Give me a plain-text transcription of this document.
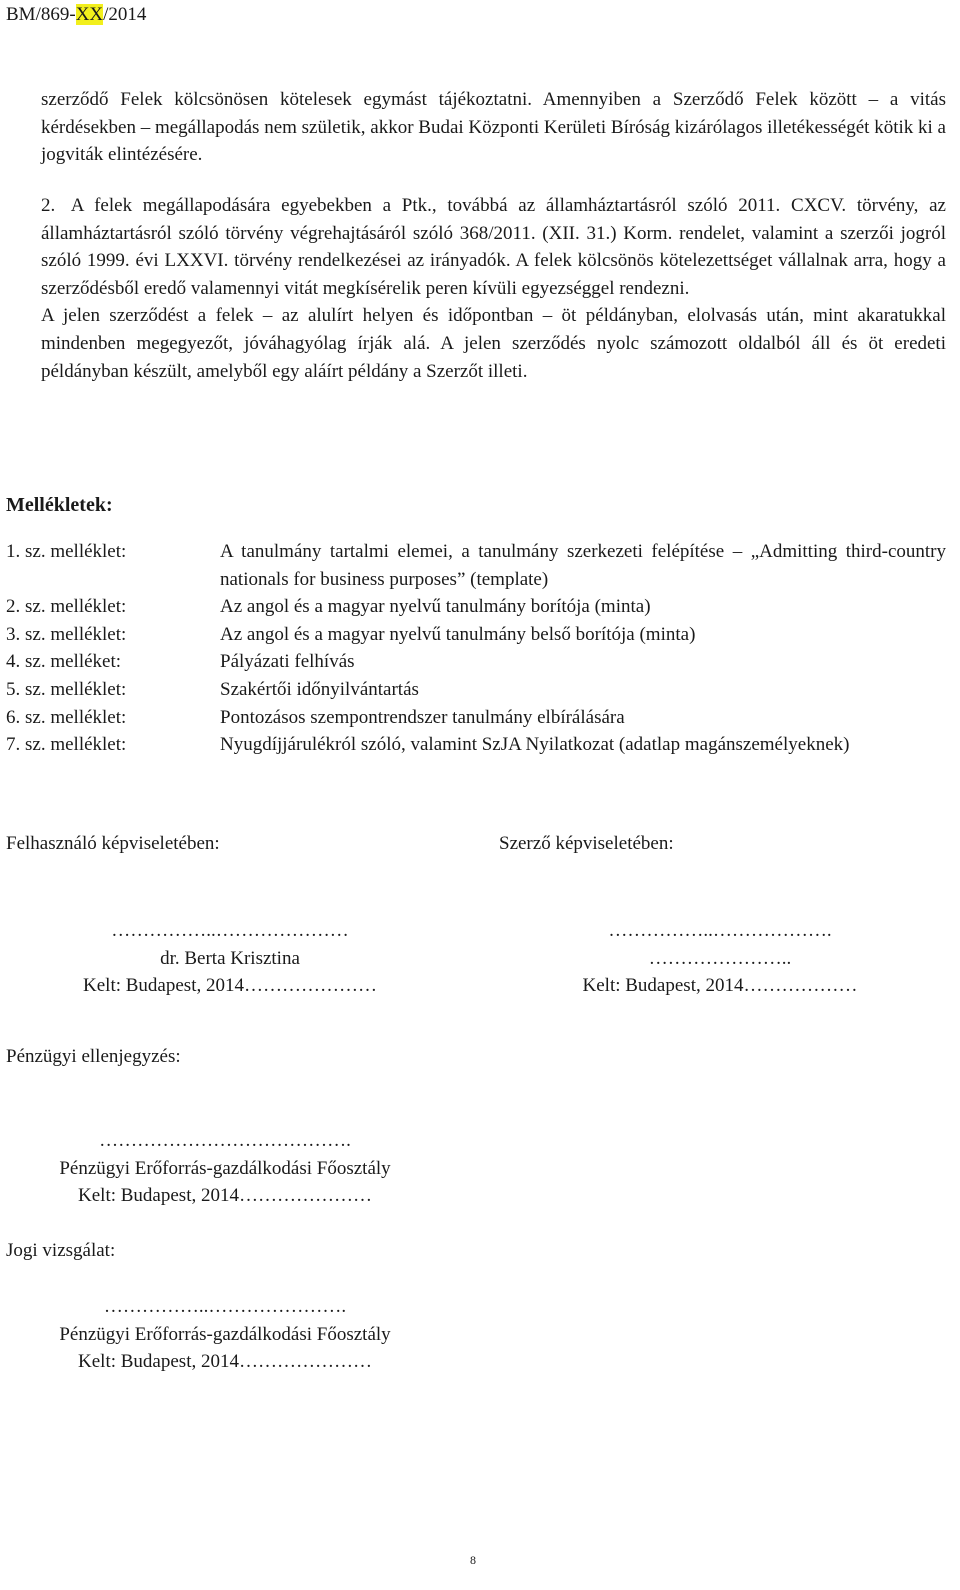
BM/869-XX/2014
szerződő Felek kölcsönösen kötelesek egymást tájékoztatni. Amennyiben a Szerződő Felek között – a vitás kérdésekben – megállapodás nem születik, akkor Budai Központi Kerületi Bíróság kizárólagos illetékességét kötik ki a jogviták elintézésére.
2. A felek megállapodására egyebekben a Ptk., továbbá az államháztartásról szóló 2011. CXCV. törvény, az államháztartásról szóló törvény végrehajtásáról szóló 368/2011. (XII. 31.) Korm. rendelet, valamint a szerzői jogról szóló 1999. évi LXXVI. törvény rendelkezései az irányadók. A felek kölcsönös kötelezettséget vállalnak arra, hogy a szerződésből eredő valamennyi vitát megkísérelik peren kívüli egyezséggel rendezni.
A jelen szerződést a felek – az alulírt helyen és időpontban – öt példányban, elolvasás után, mint akaratukkal mindenben megegyezőt, jóváhagyólag írják alá. A jelen szerződés nyolc számozott oldalból áll és öt eredeti példányban készült, amelyből egy aláírt példány a Szerzőt illeti.
Mellékletek:
1. sz. melléklet:	A tanulmány tartalmi elemei, a tanulmány szerkezeti felépítése – „Admitting third-country nationals for business purposes” (template)
2. sz. melléklet:	Az angol és a magyar nyelvű tanulmány borítója (minta)
3. sz. melléklet:	Az angol és a magyar nyelvű tanulmány belső borítója (minta)
4. sz. melléket:	Pályázati felhívás
5. sz. melléklet:	Szakértői időnyilvántartás
6. sz. melléklet:	Pontozásos szempontrendszer tanulmány elbírálására
7. sz. melléklet:	Nyugdíjjárulékról szóló, valamint SzJA Nyilatkozat (adatlap magánszemélyeknek)
Felhasználó képviseletében:	Szerző képviseletében:
……………..…………………
dr. Berta Krisztina
Kelt: Budapest, 2014…………………
……………..……………….
…………………..
Kelt: Budapest, 2014………………
Pénzügyi ellenjegyzés:
………………………………….
Pénzügyi Erőforrás-gazdálkodási Főosztály
Kelt: Budapest, 2014…………………
Jogi vizsgálat:
……………..………………….
Pénzügyi Erőforrás-gazdálkodási Főosztály
Kelt: Budapest, 2014…………………
8
